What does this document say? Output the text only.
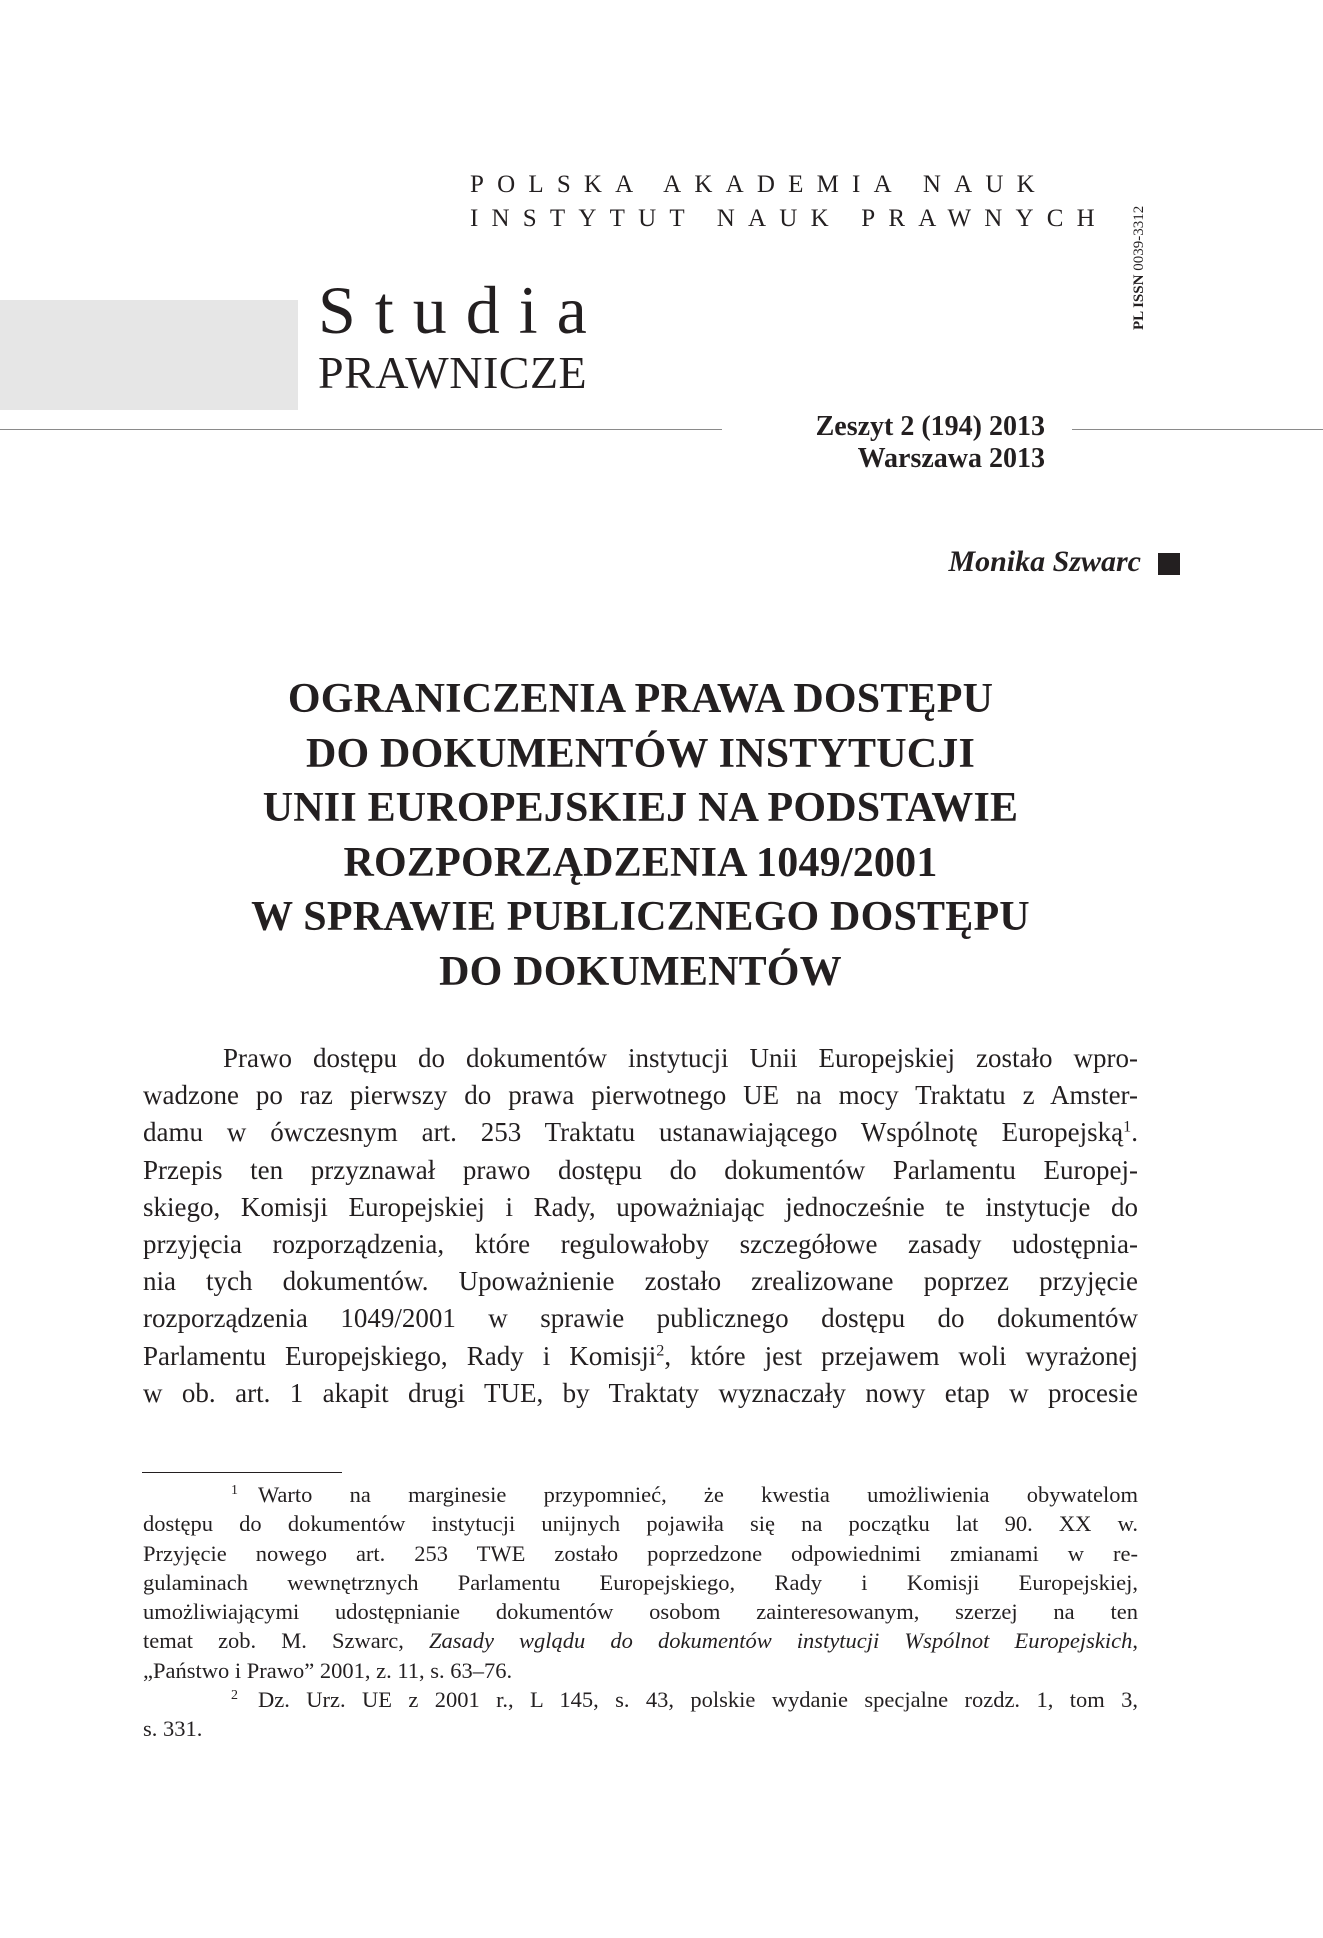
POLSKA AKADEMIA NAUK
INSTYTUT NAUK PRAWNYCH
PL ISSN 0039-3312
Studia
PRAWNICZE
Zeszyt 2 (194) 2013
Warszawa 2013
Monika Szwarc
OGRANICZENIA PRAWA DOSTĘPU
DO DOKUMENTÓW INSTYTUCJI
UNII EUROPEJSKIEJ NA PODSTAWIE
ROZPORZĄDZENIA 1049/2001
W SPRAWIE PUBLICZNEGO DOSTĘPU
DO DOKUMENTÓW
Prawo dostępu do dokumentów instytucji Unii Europejskiej zostało wpro-
wadzone po raz pierwszy do prawa pierwotnego UE na mocy Traktatu z Amster-
damu w ówczesnym art. 253 Traktatu ustanawiającego Wspólnotę Europejską$^1$.
Przepis ten przyznawał prawo dostępu do dokumentów Parlamentu Europej-
skiego, Komisji Europejskiej i Rady, upoważniając jednocześnie te instytucje do
przyjęcia rozporządzenia, które regulowałoby szczegółowe zasady udostępnia-
nia tych dokumentów. Upoważnienie zostało zrealizowane poprzez przyjęcie
rozporządzenia 1049/2001 w sprawie publicznego dostępu do dokumentów
Parlamentu Europejskiego, Rady i Komisji$^2$, które jest przejawem woli wyrażonej
w ob. art. 1 akapit drugi TUE, by Traktaty wyznaczały nowy etap w procesie
$^1$ Warto na marginesie przypomnieć, że kwestia umożliwienia obywatelom
dostępu do dokumentów instytucji unijnych pojawiła się na początku lat 90. XX w.
Przyjęcie nowego art. 253 TWE zostało poprzedzone odpowiednimi zmianami w re-
gulaminach wewnętrznych Parlamentu Europejskiego, Rady i Komisji Europejskiej,
umożliwiającymi udostępnianie dokumentów osobom zainteresowanym, szerzej na ten
temat zob. M. Szwarc, Zasady wglądu do dokumentów instytucji Wspólnot Europejskich,
„Państwo i Prawo” 2001, z. 11, s. 63–76.
$^2$ Dz. Urz. UE z 2001 r., L 145, s. 43, polskie wydanie specjalne rozdz. 1, tom 3,
s. 331.
